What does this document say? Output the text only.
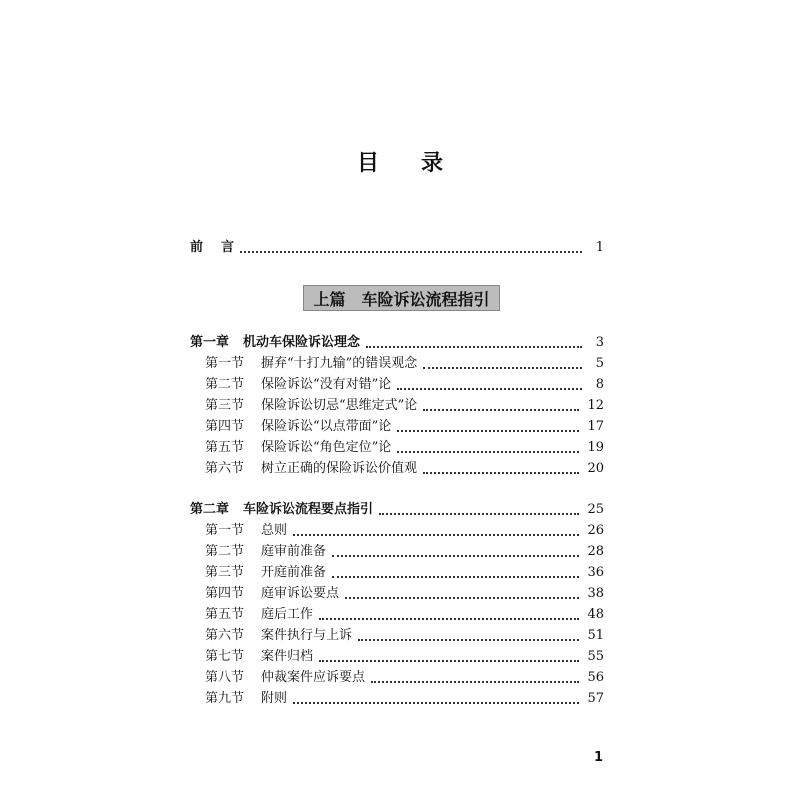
目 录
前 言	1
上篇 车险诉讼流程指引
第一章 机动车保险诉讼理念	3
第一节 摒弃“十打九输”的错误观念	5
第二节 保险诉讼“没有对错”论	8
第三节 保险诉讼切忌“思维定式”论	12
第四节 保险诉讼“以点带面”论	17
第五节 保险诉讼“角色定位”论	19
第六节 树立正确的保险诉讼价值观	20
第二章 车险诉讼流程要点指引	25
第一节 总则	26
第二节 庭审前准备	28
第三节 开庭前准备	36
第四节 庭审诉讼要点	38
第五节 庭后工作	48
第六节 案件执行与上诉	51
第七节 案件归档	55
第八节 仲裁案件应诉要点	56
第九节 附则	57
1
